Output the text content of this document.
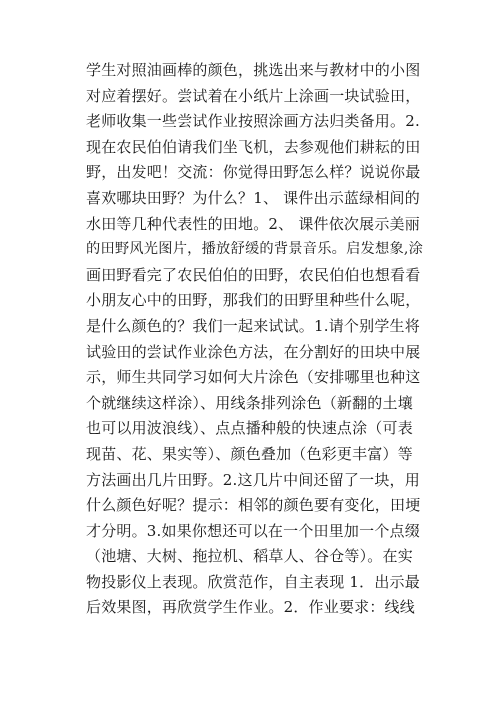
学生对照油画棒的颜色，挑选出来与教材中的小图
对应着摆好。尝试着在小纸片上涂画一块试验田，
老师收集一些尝试作业按照涂画方法归类备用。2.
现在农民伯伯请我们坐飞机，去参观他们耕耘的田
野，出发吧！交流：你觉得田野怎么样？说说你最
喜欢哪块田野？为什么？1、 课件出示蓝绿相间的
水田等几种代表性的田地。2、 课件依次展示美丽
的田野风光图片，播放舒缓的背景音乐。启发想象,涂
画田野看完了农民伯伯的田野，农民伯伯也想看看
小朋友心中的田野，那我们的田野里种些什么呢，
是什么颜色的？我们一起来试试。1.请个别学生将
试验田的尝试作业涂色方法，在分割好的田块中展
示，师生共同学习如何大片涂色（安排哪里也种这
个就继续这样涂）、用线条排列涂色（新翻的土壤
也可以用波浪线）、点点播种般的快速点涂（可表
现苗、花、果实等）、颜色叠加（色彩更丰富）等
方法画出几片田野。2.这几片中间还留了一块，用
什么颜色好呢？提示：相邻的颜色要有变化，田埂
才分明。3.如果你想还可以在一个田里加一个点缀
（池塘、大树、拖拉机、稻草人、谷仓等）。在实
物投影仪上表现。欣赏范作，自主表现 1．出示最
后效果图，再欣赏学生作业。2．作业要求：线线
